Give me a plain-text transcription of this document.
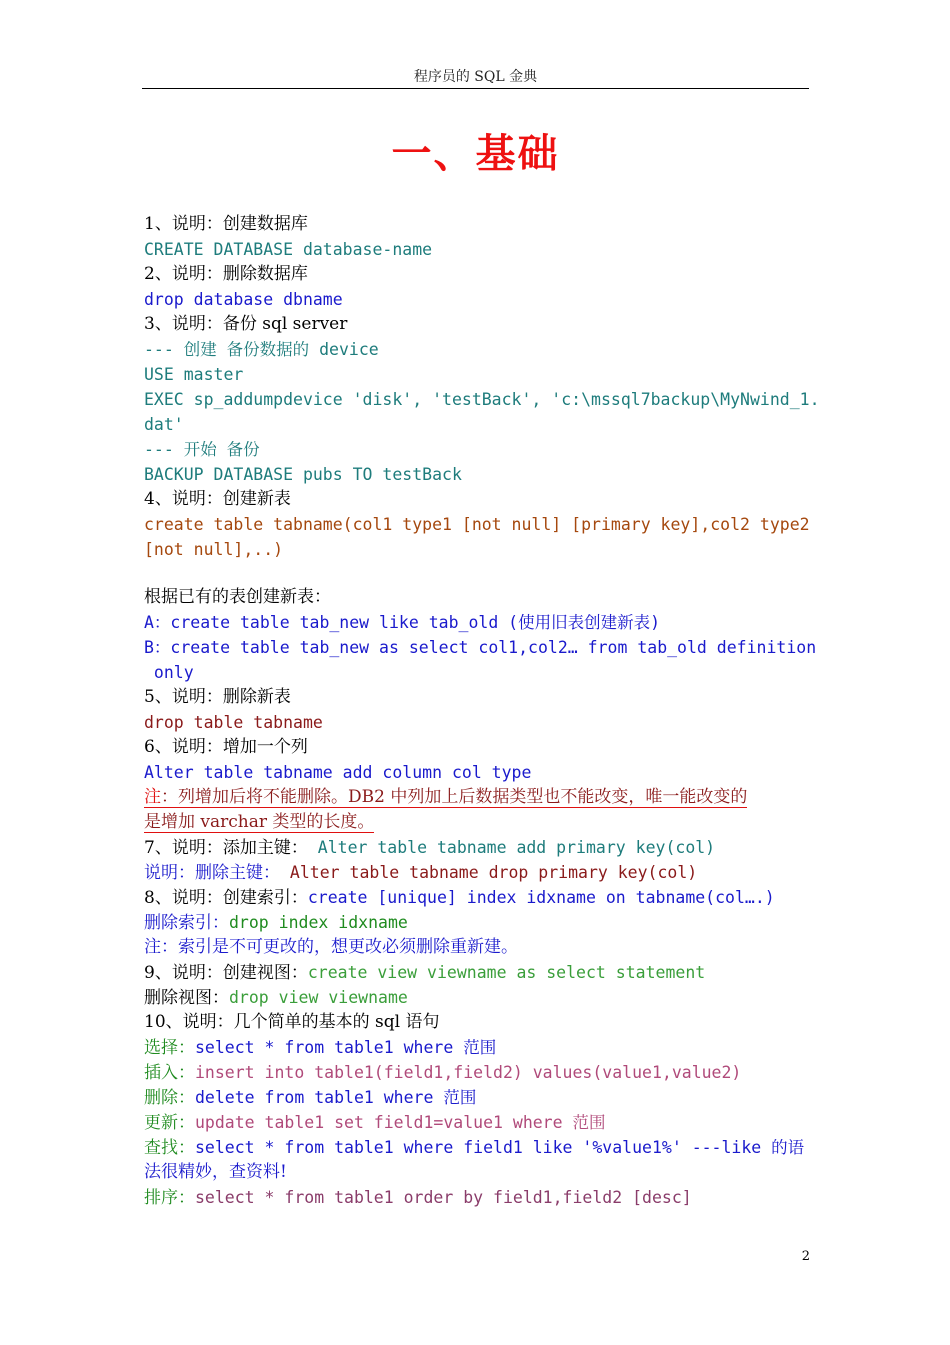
程序员的 SQL 金典
一、基础
1、说明：创建数据库
CREATE DATABASE database-name
2、说明：删除数据库
drop database dbname
3、说明：备份 sql server
--- 创建 备份数据的 device
USE master
EXEC sp_addumpdevice 'disk', 'testBack', 'c:\mssql7backup\MyNwind_1.
dat'
--- 开始 备份
BACKUP DATABASE pubs TO testBack
4、说明：创建新表
create table tabname(col1 type1 [not null] [primary key],col2 type2
[not null],..)
根据已有的表创建新表：
A：create table tab_new like tab_old (使用旧表创建新表)
B：create table tab_new as select col1,col2… from tab_old definition
only
5、说明：删除新表
drop table tabname
6、说明：增加一个列
Alter table tabname add column col type
注：列增加后将不能删除。DB2 中列加上后数据类型也不能改变，唯一能改变的
是增加 varchar 类型的长度。
7、说明：添加主键： Alter table tabname add primary key(col)
说明：删除主键： Alter table tabname drop primary key(col)
8、说明：创建索引：create [unique] index idxname on tabname(col….)
删除索引：drop index idxname
注：索引是不可更改的，想更改必须删除重新建。
9、说明：创建视图：create view viewname as select statement
删除视图：drop view viewname
10、说明：几个简单的基本的 sql 语句
选择：select * from table1 where 范围
插入：insert into table1(field1,field2) values(value1,value2)
删除：delete from table1 where 范围
更新：update table1 set field1=value1 where 范围
查找：select * from table1 where field1 like '%value1%' ---like 的语
法很精妙，查资料!
排序：select * from table1 order by field1,field2 [desc]
2
